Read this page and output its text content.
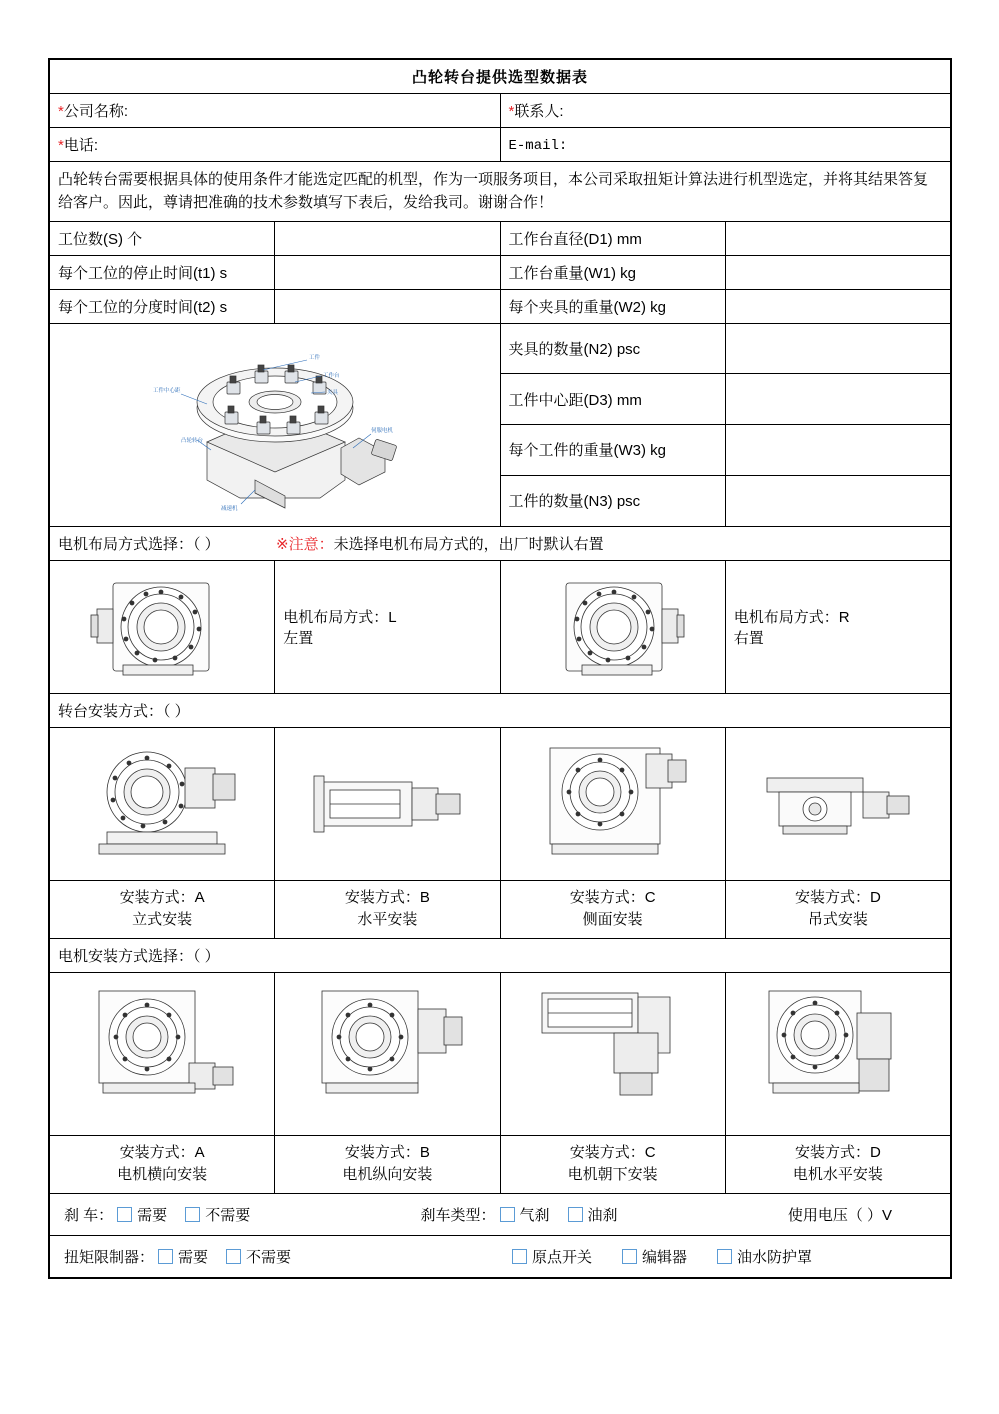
凸轮转台提供选型数据表			
*公司名称:		*联系人:	
*电话:		E-mail:	
凸轮转台需要根据具体的使用条件才能选定匹配的机型，作为一项服务项目，本公司采取扭矩计算法进行机型选定，并将其结果答复给客户。因此，尊请把准确的技术参数填写下表后，发给我司。谢谢合作！			
工位数(S) 个		工作台直径(D1) mm	
每个工位的停止时间(t1) s		工作台重量(W1) kg	
每个工位的分度时间(t2) s		每个夹具的重量(W2) kg	

工件
工作台
夹具
凸轮转台
伺服电机
减速机
工件中心距
	夹具的数量(N2) psc	
		工件中心距(D3) mm	
		每个工件的重量(W3) kg	
		工件的数量(N3) psc	
电机布局方式选择：（ ） ※注意：未选择电机布局方式的，出厂时默认右置			

电机布局方式：L
左置

电机布局方式：R
右置

转台安装方式：（ ）			

安装方式：A
立式安装

安装方式：B
水平安装

安装方式：C
侧面安装

安装方式：D
吊式安装

电机安装方式选择：（ ）			

安装方式：A
电机横向安装

安装方式：B
电机纵向安装

安装方式：C
电机朝下安装

安装方式：D
电机水平安装

刹 车：	需要	不需要	刹车类型：	气刹	油刹	使用电压（ ）V

扭矩限制器：	需要	不需要	原点开关	编辑器	油水防护罩
